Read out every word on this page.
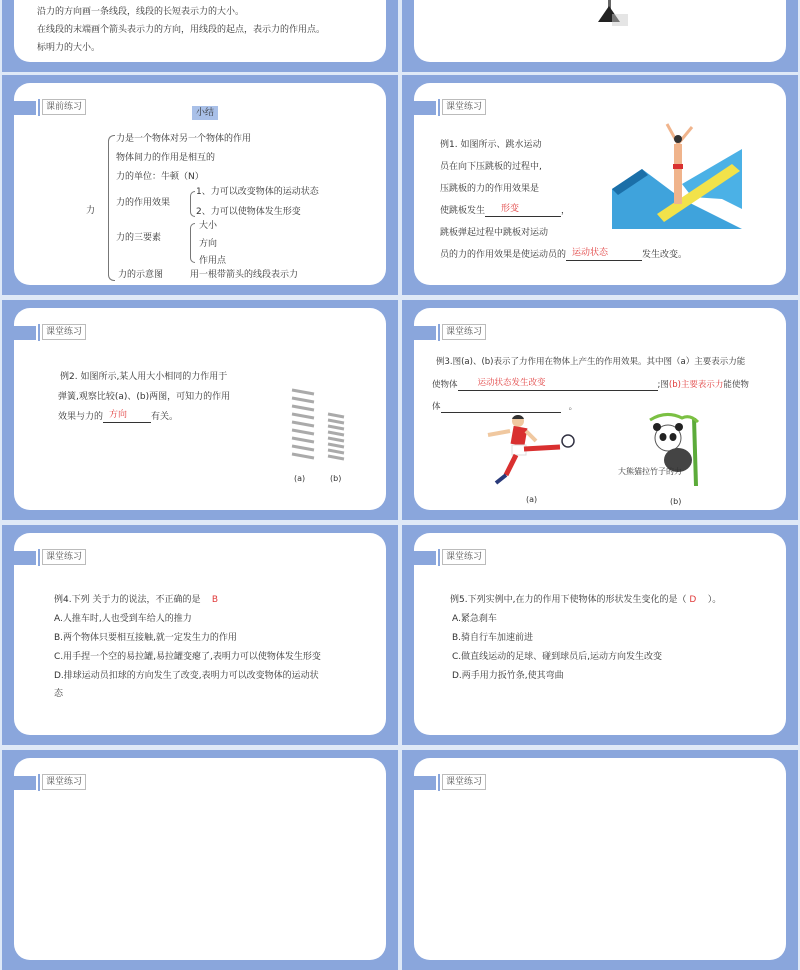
沿力的方向画一条线段，线段的长短表示力的大小。
在线段的末端画个箭头表示力的方向，用线段的起点，表示力的作用点。
标明力的大小。
课前练习
小结
力
力是一个物体对另一个物体的作用
物体间力的作用是相互的
力的单位：牛顿（N）
力的作用效果
1、力可以改变物体的运动状态
2、力可以使物体发生形变
力的三要素
大小
方向
作用点
力的示意图	用一根带箭头的线段表示力
课堂练习
例1. 如图所示、跳水运动
员在向下压跳板的过程中,
压跳板的力的作用效果是
使跳板发生 形变	，
跳板弹起过程中跳板对运动
员的力的作用效果是使运动员的 运动状态	发生改变。
课堂练习
例2. 如图所示,某人用大小相同的力作用于
弹簧,观察比较(a)、(b)两图，可知力的作用
效果与力的 方向	有关。
(a)	(b)
课堂练习
例3.图(a)、(b)表示了力作用在物体上产生的作用效果。其中图（a）主要表示力能
使物体 运动状态发生改变	;图(b)主要表示力能使物
体	。
大熊猫拉竹子的力
(a)	(b)
课堂练习
例4.下列 关于力的说法，不正确的是 B
A.人推车时,人也受到车给人的推力
B.两个物体只要相互接触,就一定发生力的作用
C.用手捏一个空的易拉罐,易拉罐变瘪了,表明力可以使物体发生形变
D.排球运动员扣球的方向发生了改变,表明力可以改变物体的运动状
态
课堂练习
例5.下列实例中,在力的作用下使物体的形状发生变化的是（ D ）。
A.紧急刹车
B.骑自行车加速前进
C.做直线运动的足球、碰到球员后,运动方向发生改变
D.两手用力扳竹条,使其弯曲
课堂练习	课堂练习
